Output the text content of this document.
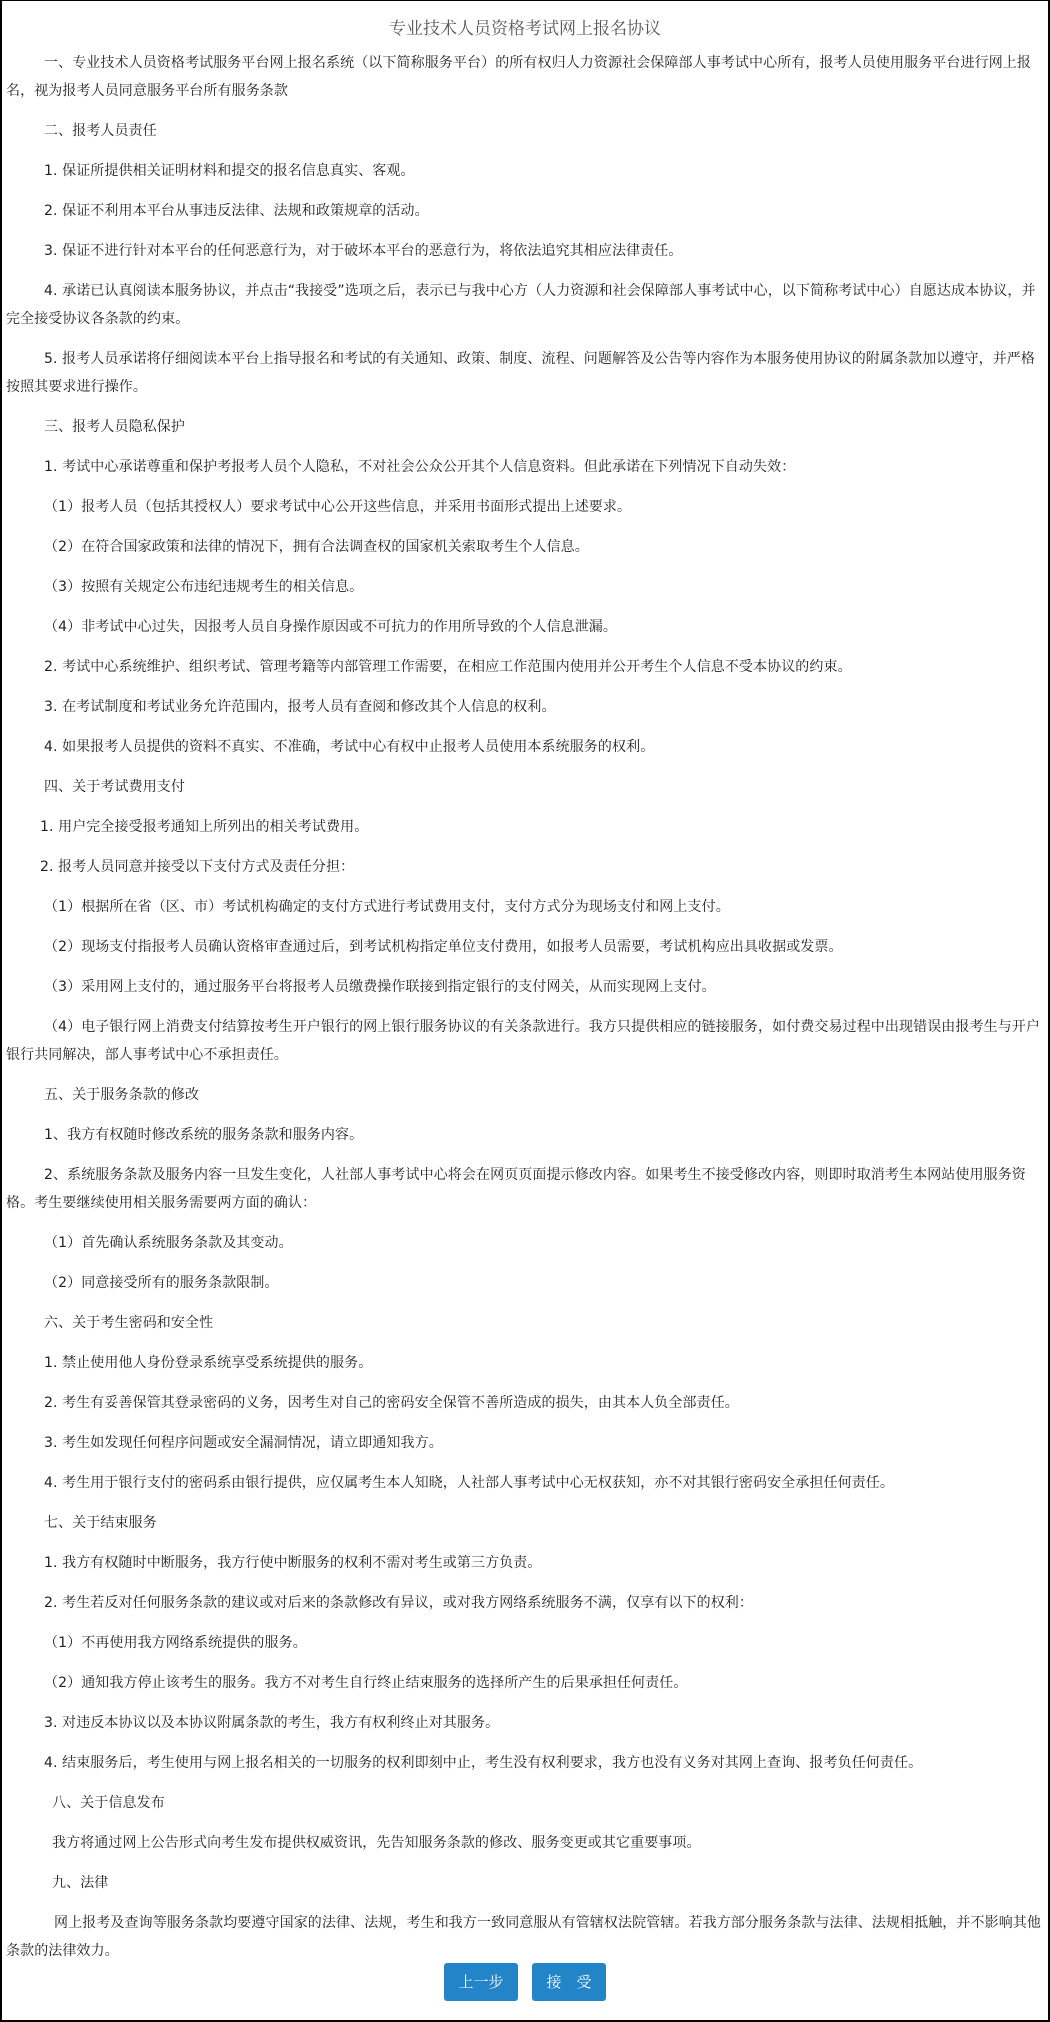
专业技术人员资格考试网上报名协议

一、专业技术人员资格考试服务平台网上报名系统（以下简称服务平台）的所有权归人力资源社会保障部人事考试中心所有，报考人员使用服务平台进行网上报名，视为报考人员同意服务平台所有服务条款

二、报考人员责任

1. 保证所提供相关证明材料和提交的报名信息真实、客观。

2. 保证不利用本平台从事违反法律、法规和政策规章的活动。

3. 保证不进行针对本平台的任何恶意行为，对于破坏本平台的恶意行为，将依法追究其相应法律责任。

4. 承诺已认真阅读本服务协议，并点击“我接受”选项之后，表示已与我中心方（人力资源和社会保障部人事考试中心，以下简称考试中心）自愿达成本协议，并完全接受协议各条款的约束。

5. 报考人员承诺将仔细阅读本平台上指导报名和考试的有关通知、政策、制度、流程、问题解答及公告等内容作为本服务使用协议的附属条款加以遵守，并严格按照其要求进行操作。

三、报考人员隐私保护

1. 考试中心承诺尊重和保护考报考人员个人隐私，不对社会公众公开其个人信息资料。但此承诺在下列情况下自动失效：

（1）报考人员（包括其授权人）要求考试中心公开这些信息，并采用书面形式提出上述要求。

（2）在符合国家政策和法律的情况下，拥有合法调查权的国家机关索取考生个人信息。

（3）按照有关规定公布违纪违规考生的相关信息。

（4）非考试中心过失，因报考人员自身操作原因或不可抗力的作用所导致的个人信息泄漏。

2. 考试中心系统维护、组织考试、管理考籍等内部管理工作需要，在相应工作范围内使用并公开考生个人信息不受本协议的约束。

3. 在考试制度和考试业务允许范围内，报考人员有查阅和修改其个人信息的权利。

4. 如果报考人员提供的资料不真实、不准确，考试中心有权中止报考人员使用本系统服务的权利。

四、关于考试费用支付

1. 用户完全接受报考通知上所列出的相关考试费用。

2. 报考人员同意并接受以下支付方式及责任分担：

（1）根据所在省（区、市）考试机构确定的支付方式进行考试费用支付，支付方式分为现场支付和网上支付。

（2）现场支付指报考人员确认资格审查通过后，到考试机构指定单位支付费用，如报考人员需要，考试机构应出具收据或发票。

（3）采用网上支付的，通过服务平台将报考人员缴费操作联接到指定银行的支付网关，从而实现网上支付。

（4）电子银行网上消费支付结算按考生开户银行的网上银行服务协议的有关条款进行。我方只提供相应的链接服务，如付费交易过程中出现错误由报考生与开户银行共同解决，部人事考试中心不承担责任。

五、关于服务条款的修改

1、我方有权随时修改系统的服务条款和服务内容。

2、系统服务条款及服务内容一旦发生变化，人社部人事考试中心将会在网页页面提示修改内容。如果考生不接受修改内容，则即时取消考生本网站使用服务资格。考生要继续使用相关服务需要两方面的确认：

（1）首先确认系统服务条款及其变动。

（2）同意接受所有的服务条款限制。

六、关于考生密码和安全性

1. 禁止使用他人身份登录系统享受系统提供的服务。

2. 考生有妥善保管其登录密码的义务，因考生对自己的密码安全保管不善所造成的损失，由其本人负全部责任。

3. 考生如发现任何程序问题或安全漏洞情况，请立即通知我方。

4. 考生用于银行支付的密码系由银行提供，应仅属考生本人知晓，人社部人事考试中心无权获知，亦不对其银行密码安全承担任何责任。

七、关于结束服务

1. 我方有权随时中断服务，我方行使中断服务的权利不需对考生或第三方负责。

2. 考生若反对任何服务条款的建议或对后来的条款修改有异议，或对我方网络系统服务不满，仅享有以下的权利：

（1）不再使用我方网络系统提供的服务。

（2）通知我方停止该考生的服务。我方不对考生自行终止结束服务的选择所产生的后果承担任何责任。

3. 对违反本协议以及本协议附属条款的考生，我方有权利终止对其服务。

4. 结束服务后，考生使用与网上报名相关的一切服务的权利即刻中止，考生没有权利要求，我方也没有义务对其网上查询、报考负任何责任。

八、关于信息发布

我方将通过网上公告形式向考生发布提供权威资讯，先告知服务条款的修改、服务变更或其它重要事项。

九、法律

网上报考及查询等服务条款均要遵守国家的法律、法规，考生和我方一致同意服从有管辖权法院管辖。若我方部分服务条款与法律、法规相抵触，并不影响其他条款的法律效力。

上一步	接　受
